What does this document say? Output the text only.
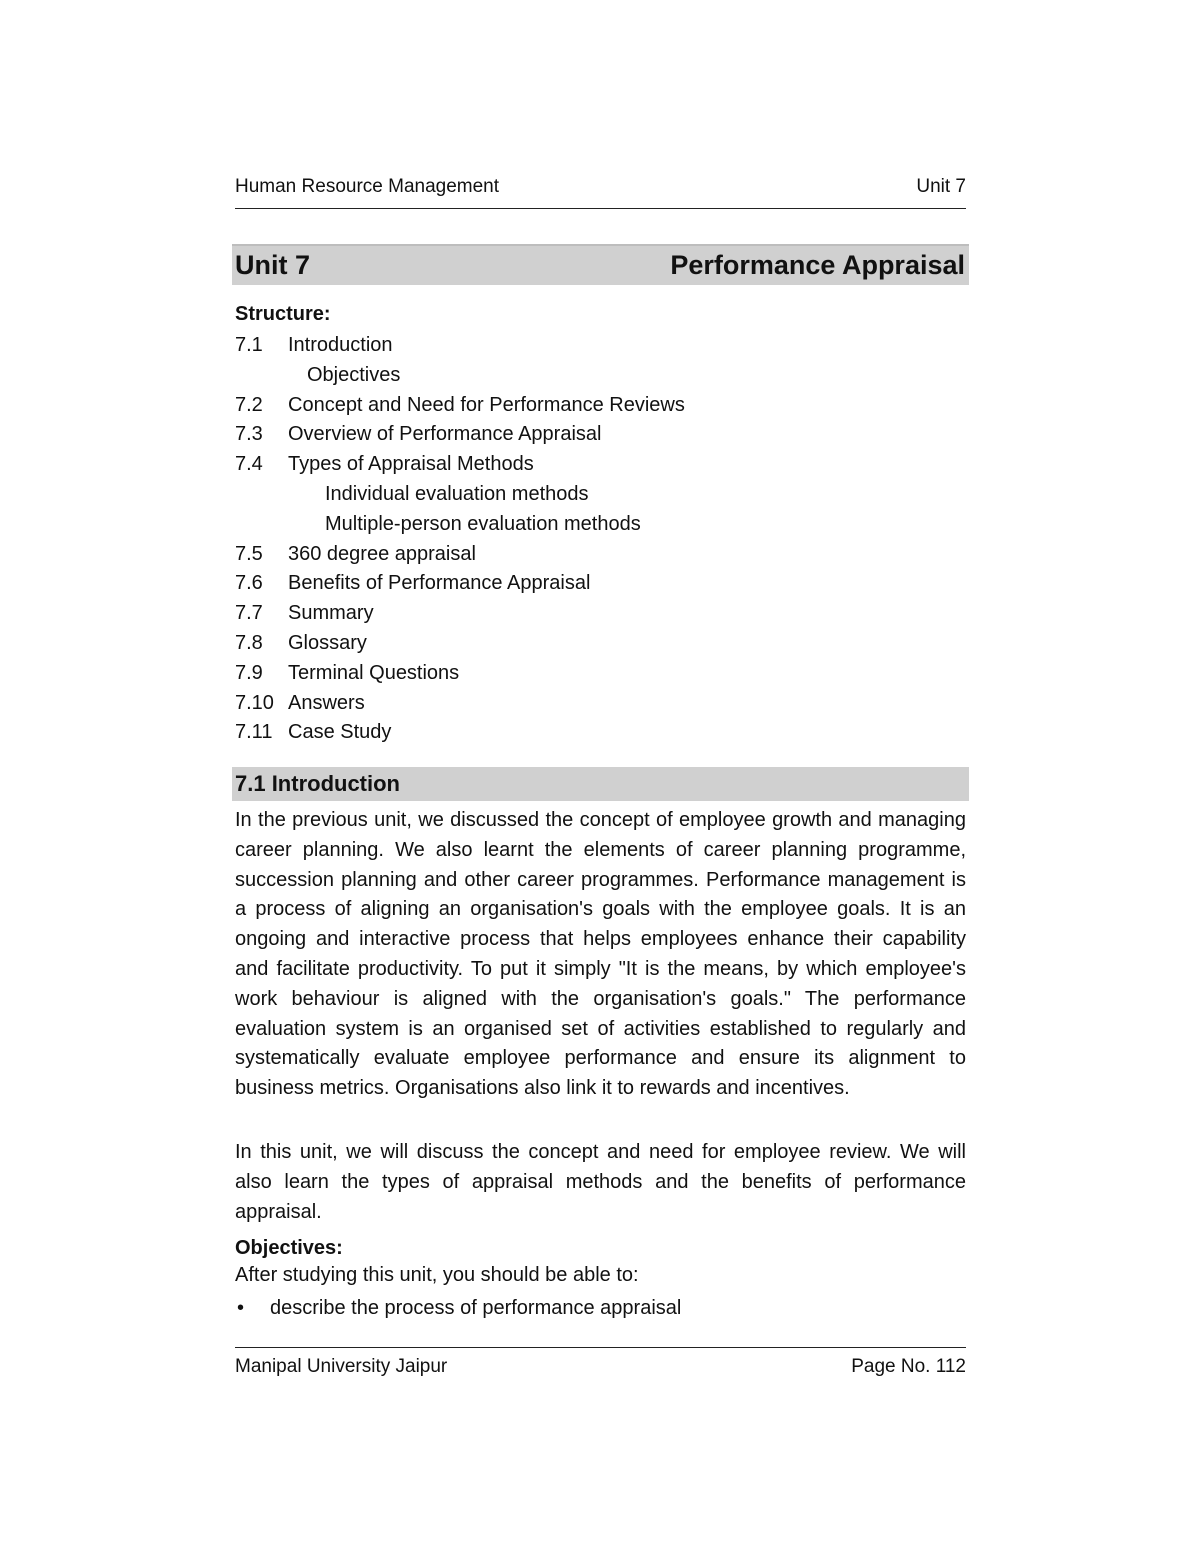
Human Resource Management	Unit 7
Unit 7	Performance Appraisal
Structure:
7.1	Introduction
Objectives
7.2	Concept and Need for Performance Reviews
7.3	Overview of Performance Appraisal
7.4	Types of Appraisal Methods
Individual evaluation methods
Multiple-person evaluation methods
7.5	360 degree appraisal
7.6	Benefits of Performance Appraisal
7.7	Summary
7.8	Glossary
7.9	Terminal Questions
7.10 Answers
7.11 Case Study
7.1 Introduction

In the previous unit, we discussed the concept of employee growth and managing career planning. We also learnt the elements of career planning programme, succession planning and other career programmes. Performance management is a process of aligning an organisation's goals with the employee goals. It is an ongoing and interactive process that helps employees enhance their capability and facilitate productivity. To put it simply "It is the means, by which employee's work behaviour is aligned with the organisation's goals." The performance evaluation system is an organised set of activities established to regularly and systematically evaluate employee performance and ensure its alignment to business metrics. Organisations also link it to rewards and incentives.

In this unit, we will discuss the concept and need for employee review. We will also learn the types of appraisal methods and the benefits of performance appraisal.

Objectives:
After studying this unit, you should be able to:
• describe the process of performance appraisal
Manipal University Jaipur	Page No. 112
